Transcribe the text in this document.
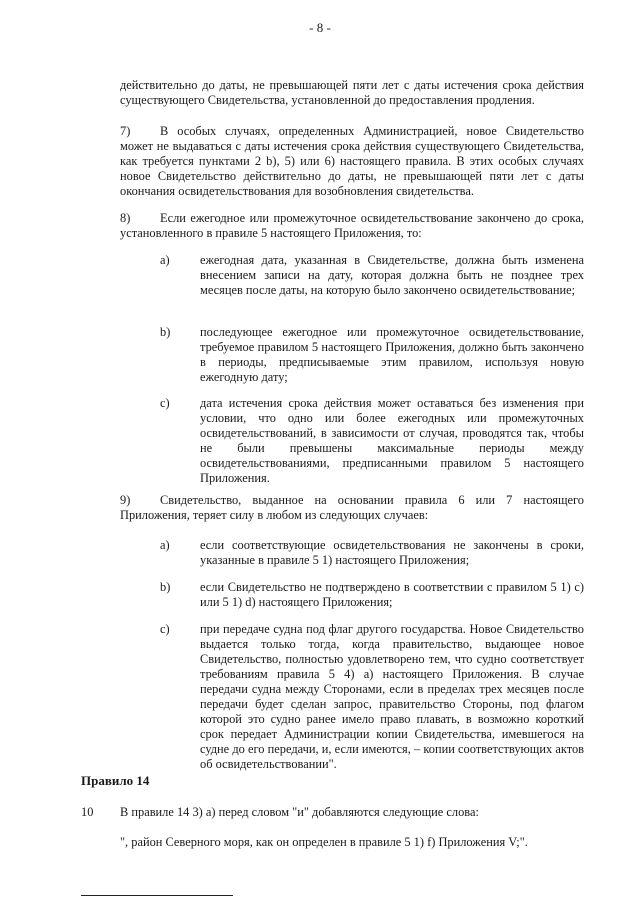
- 8 -
действительно до даты, не превышающей пяти лет с даты истечения срока действия существующего Свидетельства, установленной до предоставления продления.
7) В особых случаях, определенных Администрацией, новое Свидетельство может не выдаваться с даты истечения срока действия существующего Свидетельства, как требуется пунктами 2 b), 5) или 6) настоящего правила. В этих особых случаях новое Свидетельство действительно до даты, не превышающей пяти лет с даты окончания освидетельствования для возобновления свидетельства.
8) Если ежегодное или промежуточное освидетельствование закончено до срока, установленного в правиле 5 настоящего Приложения, то:
a) ежегодная дата, указанная в Свидетельстве, должна быть изменена внесением записи на дату, которая должна быть не позднее трех месяцев после даты, на которую было закончено освидетельствование;
b) последующее ежегодное или промежуточное освидетельствование, требуемое правилом 5 настоящего Приложения, должно быть закончено в периоды, предписываемые этим правилом, используя новую ежегодную дату;
c) дата истечения срока действия может оставаться без изменения при условии, что одно или более ежегодных или промежуточных освидетельствований, в зависимости от случая, проводятся так, чтобы не были превышены максимальные периоды между освидетельствованиями, предписанными правилом 5 настоящего Приложения.
9) Свидетельство, выданное на основании правила 6 или 7 настоящего Приложения, теряет силу в любом из следующих случаев:
a) если соответствующие освидетельствования не закончены в сроки, указанные в правиле 5 1) настоящего Приложения;
b) если Свидетельство не подтверждено в соответствии с правилом 5 1) c) или 5 1) d) настоящего Приложения;
c) при передаче судна под флаг другого государства. Новое Свидетельство выдается только тогда, когда правительство, выдающее новое Свидетельство, полностью удовлетворено тем, что судно соответствует требованиям правила 5 4) a) настоящего Приложения. В случае передачи судна между Сторонами, если в пределах трех месяцев после передачи будет сделан запрос, правительство Стороны, под флагом которой это судно ранее имело право плавать, в возможно короткий срок передает Администрации копии Свидетельства, имевшегося на судне до его передачи, и, если имеются, – копии соответствующих актов об освидетельствовании".
Правило 14
10 В правиле 14 3) a) перед словом "и" добавляются следующие слова:
", район Северного моря, как он определен в правиле 5 1) f) Приложения V;".
